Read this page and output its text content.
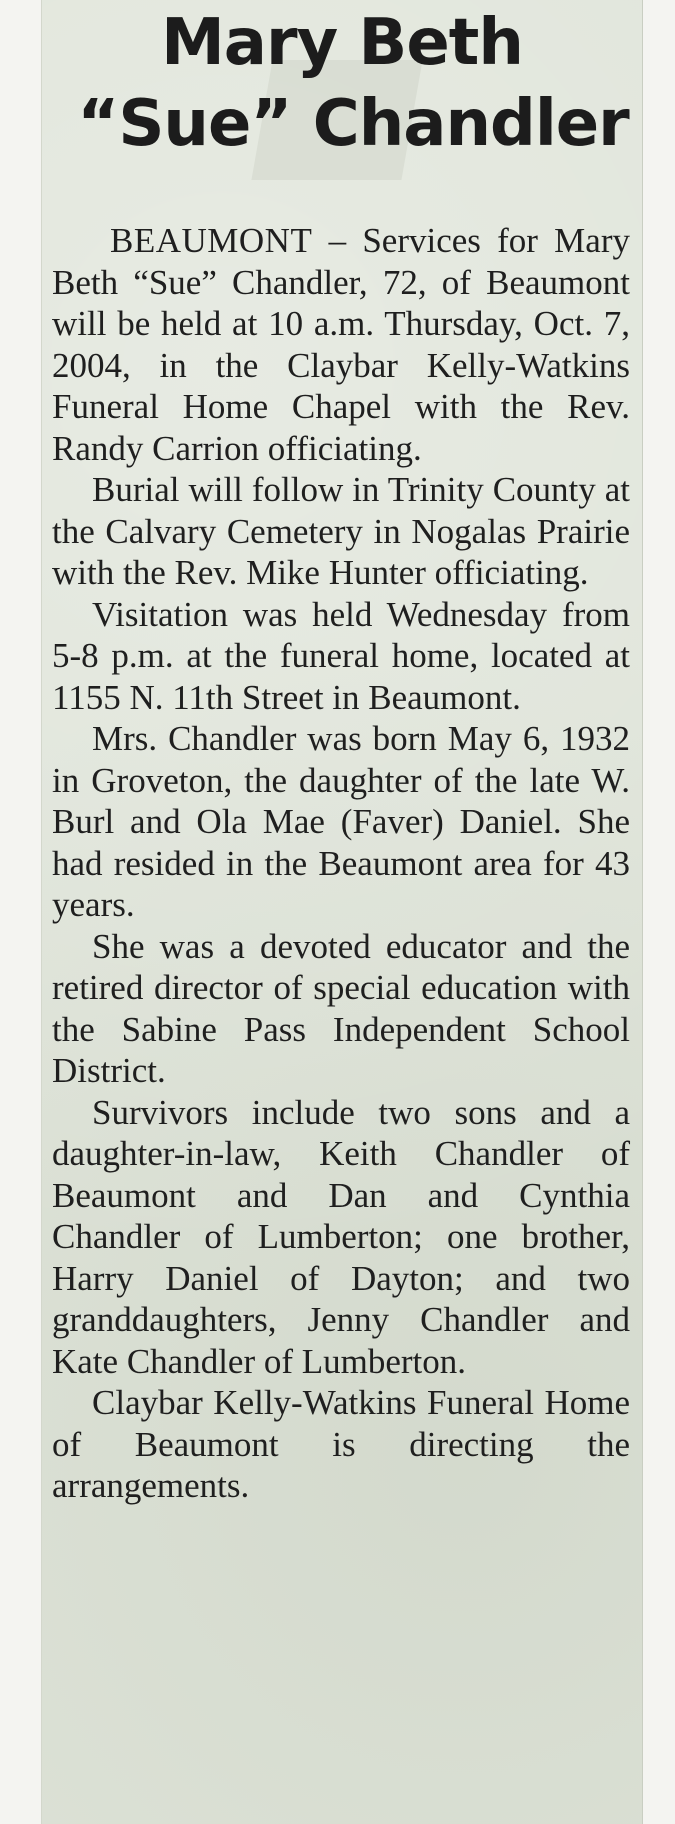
Mary Beth
“Sue” Chandler

BEAUMONT – Services for Mary Beth “Sue” Chandler, 72, of Beaumont will be held at 10 a.m. Thursday, Oct. 7, 2004, in the Claybar Kelly-Watkins Funeral Home Chapel with the Rev. Randy Carrion officiating.

Burial will follow in Trinity County at the Calvary Cemetery in Nogalas Prairie with the Rev. Mike Hunter officiating.

Visitation was held Wednesday from 5-8 p.m. at the funeral home, located at 1155 N. 11th Street in Beaumont.

Mrs. Chandler was born May 6, 1932 in Groveton, the daughter of the late W. Burl and Ola Mae (Faver) Daniel. She had resided in the Beaumont area for 43 years.

She was a devoted educator and the retired director of special education with the Sabine Pass Independent School District.

Survivors include two sons and a daughter-in-law, Keith Chandler of Beaumont and Dan and Cynthia Chandler of Lumberton; one brother, Harry Daniel of Dayton; and two granddaughters, Jenny Chandler and Kate Chandler of Lumberton.

Claybar Kelly-Watkins Funeral Home of Beaumont is directing the arrangements.
